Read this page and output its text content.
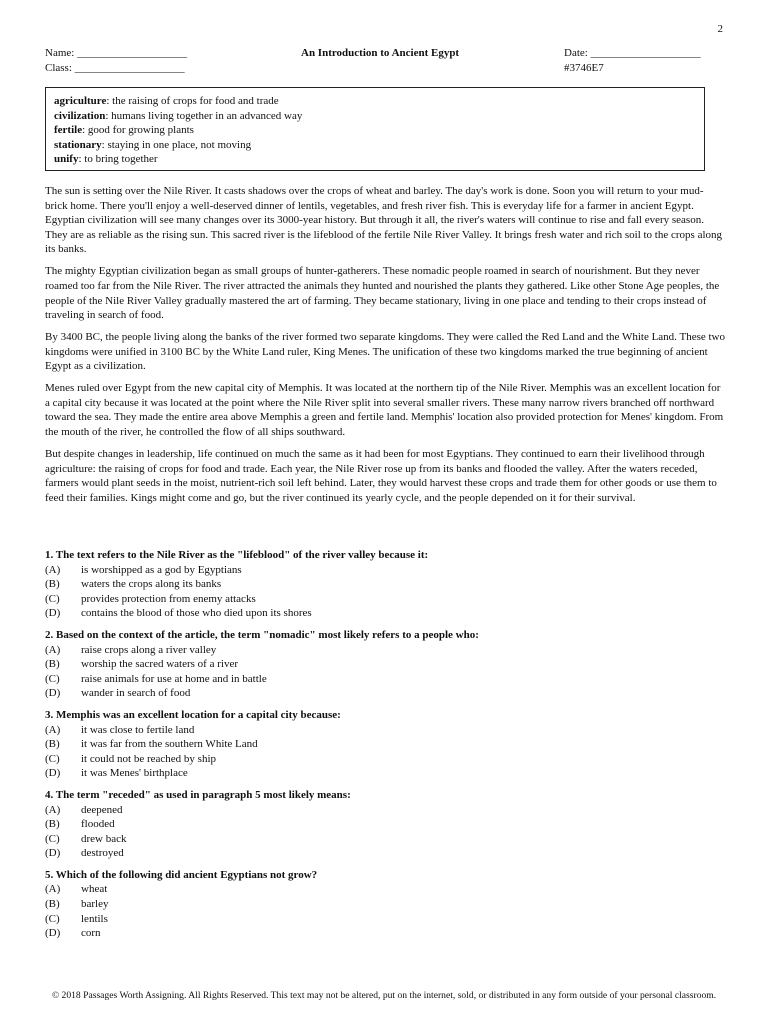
2
Name: ____________________
Class: ____________________
An Introduction to Ancient Egypt	Date: ____________________
#3746E7
agriculture: the raising of crops for food and trade
civilization: humans living together in an advanced way
fertile: good for growing plants
stationary: staying in one place, not moving
unify: to bring together

The sun is setting over the Nile River. It casts shadows over the crops of wheat and barley. The day's work is done. Soon you will return to your mud-brick home. There you'll enjoy a well-deserved dinner of lentils, vegetables, and fresh river fish. This is everyday life for a farmer in ancient Egypt. Egyptian civilization will see many changes over its 3000-year history. But through it all, the river's waters will continue to rise and fall every season. They are as reliable as the rising sun. This sacred river is the lifeblood of the fertile Nile River Valley. It brings fresh water and rich soil to the crops along its banks.

The mighty Egyptian civilization began as small groups of hunter-gatherers. These nomadic people roamed in search of nourishment. But they never roamed too far from the Nile River. The river attracted the animals they hunted and nourished the plants they gathered. Like other Stone Age peoples, the people of the Nile River Valley gradually mastered the art of farming. They became stationary, living in one place and tending to their crops instead of traveling in search of food.

By 3400 BC, the people living along the banks of the river formed two separate kingdoms. They were called the Red Land and the White Land. These two kingdoms were unified in 3100 BC by the White Land ruler, King Menes. The unification of these two kingdoms marked the true beginning of ancient Egypt as a civilization.

Menes ruled over Egypt from the new capital city of Memphis. It was located at the northern tip of the Nile River. Memphis was an excellent location for a capital city because it was located at the point where the Nile River split into several smaller rivers. These many narrow rivers branched off northward toward the sea. They made the entire area above Memphis a green and fertile land. Memphis' location also provided protection for Menes' kingdom. From the mouth of the river, he controlled the flow of all ships southward.

But despite changes in leadership, life continued on much the same as it had been for most Egyptians. They continued to earn their livelihood through agriculture: the raising of crops for food and trade. Each year, the Nile River rose up from its banks and flooded the valley. After the waters receded, farmers would plant seeds in the moist, nutrient-rich soil left behind. Later, they would harvest these crops and trade them for other goods or use them to feed their families. Kings might come and go, but the river continued its yearly cycle, and the people depended on it for their survival.

1. The text refers to the Nile River as the "lifeblood" of the river valley because it:
(A) is worshipped as a god by Egyptians
(B) waters the crops along its banks
(C) provides protection from enemy attacks
(D) contains the blood of those who died upon its shores
2. Based on the context of the article, the term "nomadic" most likely refers to a people who:
(A) raise crops along a river valley
(B) worship the sacred waters of a river
(C) raise animals for use at home and in battle
(D) wander in search of food
3. Memphis was an excellent location for a capital city because:
(A) it was close to fertile land
(B) it was far from the southern White Land
(C) it could not be reached by ship
(D) it was Menes' birthplace
4. The term "receded" as used in paragraph 5 most likely means:
(A) deepened
(B) flooded
(C) drew back
(D) destroyed
5. Which of the following did ancient Egyptians not grow?
(A) wheat
(B) barley
(C) lentils
(D) corn
© 2018 Passages Worth Assigning. All Rights Reserved. This text may not be altered, put on the internet, sold, or distributed in any form outside of your personal classroom.
